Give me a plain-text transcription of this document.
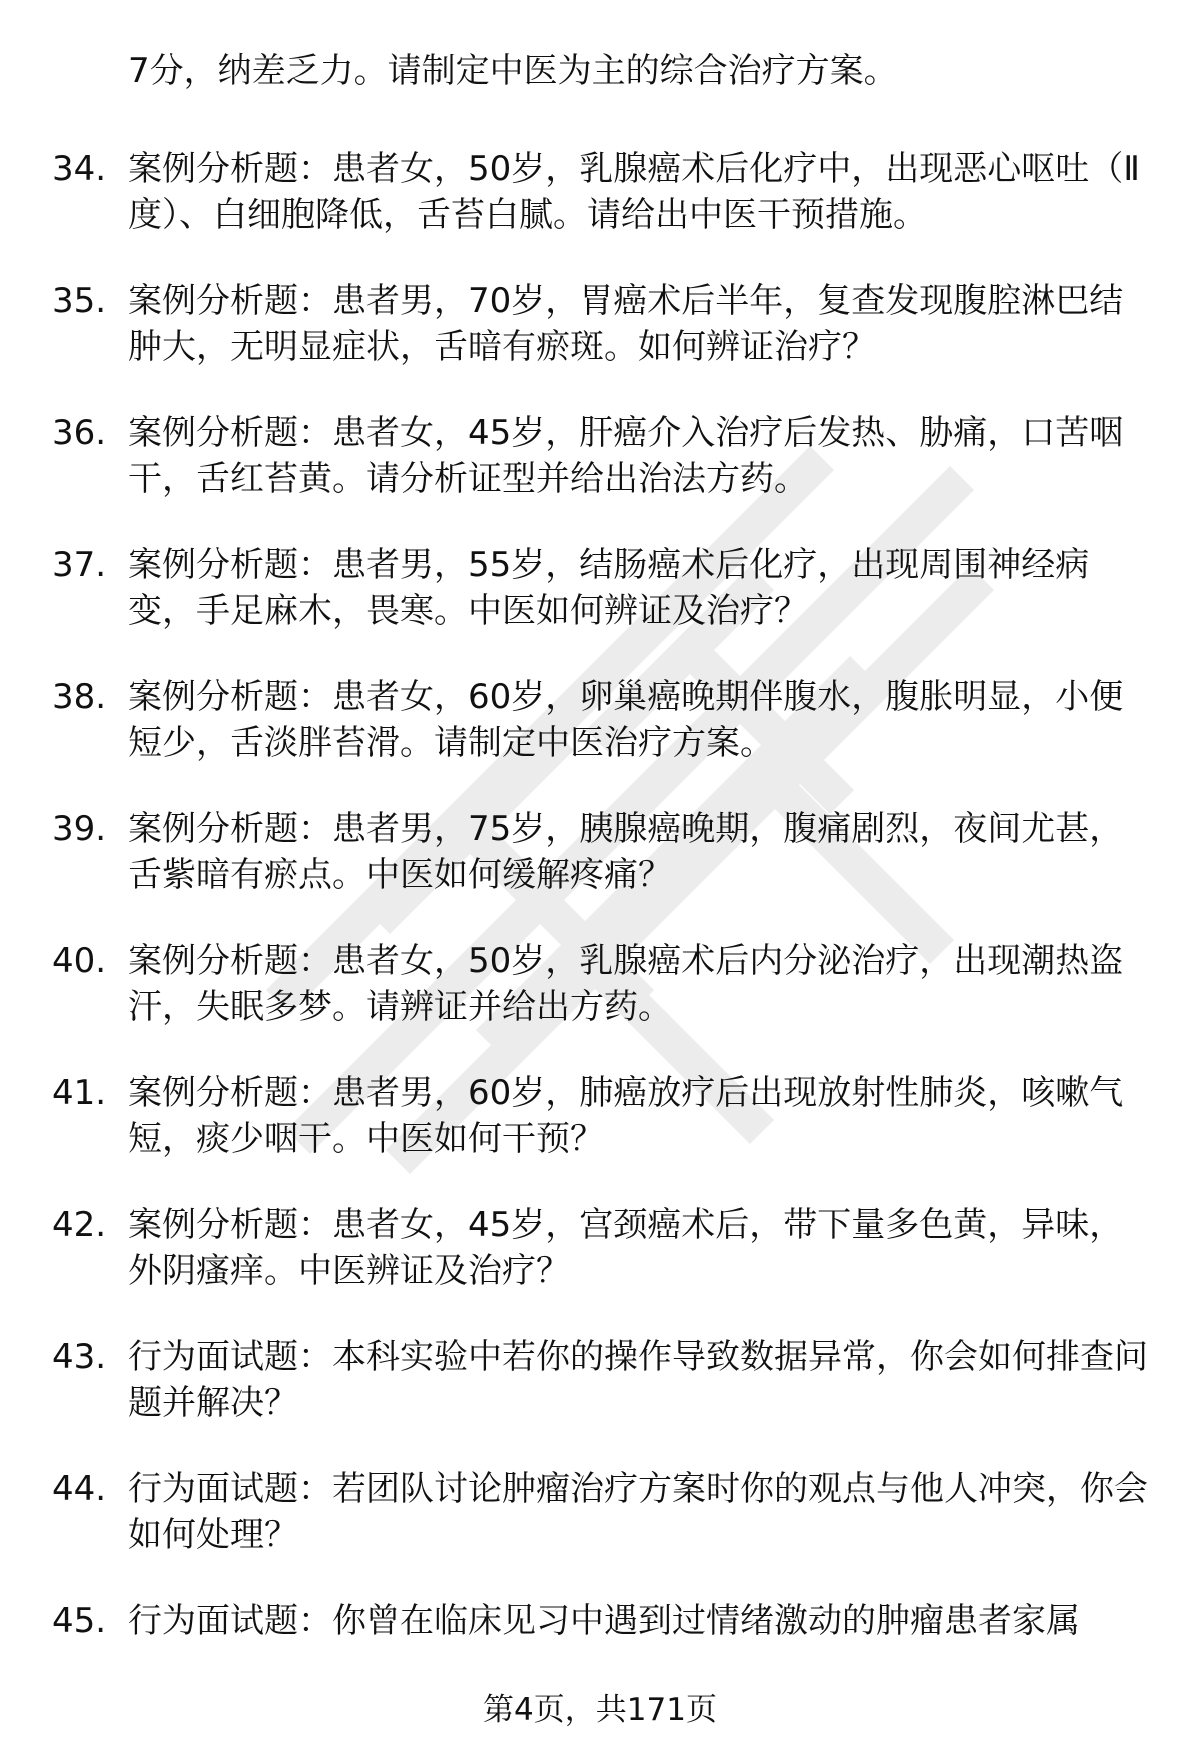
7分，纳差乏力。请制定中医为主的综合治疗方案。

34. 案例分析题：患者女，50岁，乳腺癌术后化疗中，出现恶心呕吐（Ⅱ度）、白细胞降低，舌苔白腻。请给出中医干预措施。

35. 案例分析题：患者男，70岁，胃癌术后半年，复查发现腹腔淋巴结肿大，无明显症状，舌暗有瘀斑。如何辨证治疗？

36. 案例分析题：患者女，45岁，肝癌介入治疗后发热、胁痛，口苦咽干，舌红苔黄。请分析证型并给出治法方药。

37. 案例分析题：患者男，55岁，结肠癌术后化疗，出现周围神经病变，手足麻木，畏寒。中医如何辨证及治疗？

38. 案例分析题：患者女，60岁，卵巢癌晚期伴腹水，腹胀明显，小便短少，舌淡胖苔滑。请制定中医治疗方案。

39. 案例分析题：患者男，75岁，胰腺癌晚期，腹痛剧烈，夜间尤甚，舌紫暗有瘀点。中医如何缓解疼痛？

40. 案例分析题：患者女，50岁，乳腺癌术后内分泌治疗，出现潮热盗汗，失眠多梦。请辨证并给出方药。

41. 案例分析题：患者男，60岁，肺癌放疗后出现放射性肺炎，咳嗽气短，痰少咽干。中医如何干预？

42. 案例分析题：患者女，45岁，宫颈癌术后，带下量多色黄，异味，外阴瘙痒。中医辨证及治疗？

43. 行为面试题：本科实验中若你的操作导致数据异常，你会如何排查问题并解决？

44. 行为面试题：若团队讨论肿瘤治疗方案时你的观点与他人冲突，你会如何处理？

45. 行为面试题：你曾在临床见习中遇到过情绪激动的肿瘤患者家属

第4页，共171页
